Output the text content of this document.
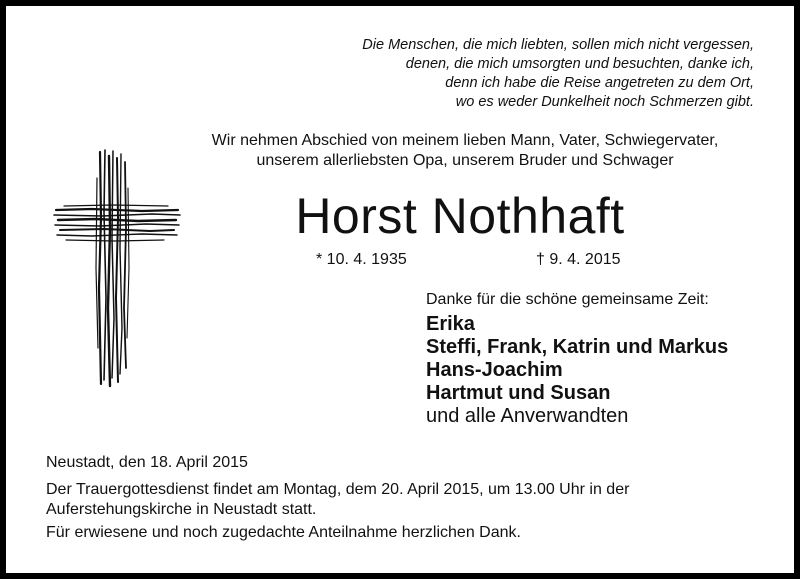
Die Menschen, die mich liebten, sollen mich nicht vergessen,
denen, die mich umsorgten und besuchten, danke ich,
denn ich habe die Reise angetreten zu dem Ort,
wo es weder Dunkelheit noch Schmerzen gibt.
Wir nehmen Abschied von meinem lieben Mann, Vater, Schwiegervater,
unserem allerliebsten Opa, unserem Bruder und Schwager
Horst Nothhaft
* 10. 4. 1935	† 9. 4. 2015
Danke für die schöne gemeinsame Zeit:
Erika
Steffi, Frank, Katrin und Markus
Hans-Joachim
Hartmut und Susan
und alle Anverwandten
Neustadt, den 18. April 2015
Der Trauergottesdienst findet am Montag, dem 20. April 2015, um 13.00 Uhr in der
Auferstehungskirche in Neustadt statt.
Für erwiesene und noch zugedachte Anteilnahme herzlichen Dank.
